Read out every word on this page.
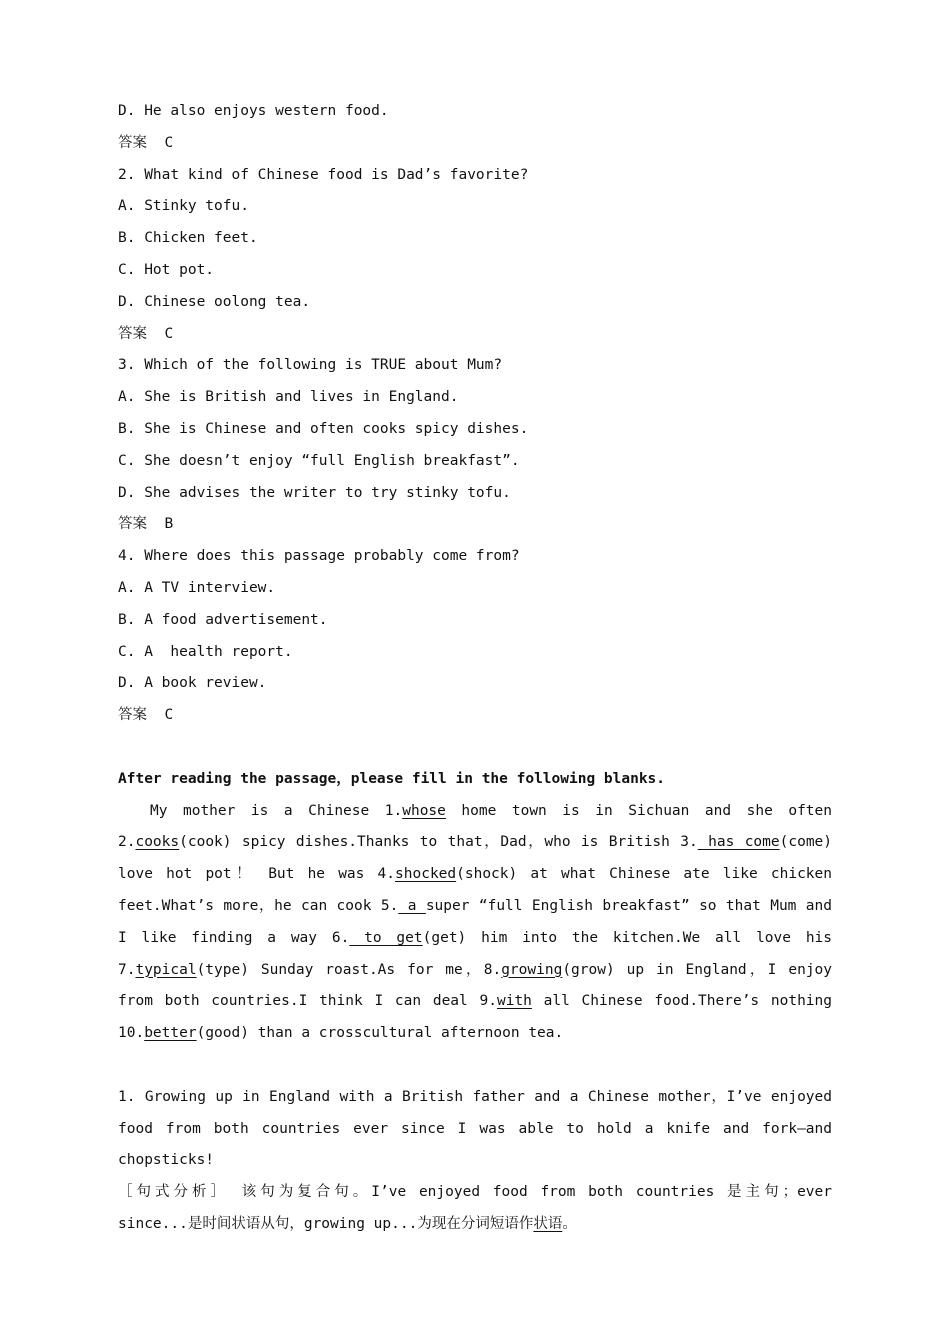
D. He also enjoys western food.
答案  C
2. What kind of Chinese food is Dad’s favorite?
A. Stinky tofu.
B. Chicken feet.
C. Hot pot.
D. Chinese oolong tea.
答案  C
3. Which of the following is TRUE about Mum?
A. She is British and lives in England.
B. She is Chinese and often cooks spicy dishes.
C. She doesn’t enjoy “full English breakfast”.
D. She advises the writer to try stinky tofu.
答案  B
4. Where does this passage probably come from?
A. A TV interview.
B. A food advertisement.
C. A  health report.
D. A book review.
答案  C
After reading the passage，please fill in the following blanks.
My mother is a Chinese 1.whose home town is in Sichuan and she often
2.cooks(cook) spicy dishes.Thanks to that，Dad，who is British 3. has come(come)
love hot pot！ But he was 4.shocked(shock) at what Chinese ate like chicken
feet.What’s more，he can cook 5. a super “full English breakfast” so that Mum and
I like finding a way 6. to get(get) him into the kitchen.We all love his
7.typical(type) Sunday roast.As for me，8.growing(grow) up in England，I enjoy
from both countries.I think I can deal 9.with all Chinese food.There’s nothing
10.better(good) than a crosscultural afternoon tea.
1. Growing up in England with a British father and a Chinese mother，I’ve enjoyed
food from both countries ever since I was able to hold a knife and fork—and
chopsticks!
［句式分析］ 该句为复合句。I’ve enjoyed food from both countries 是主句；ever
since...是时间状语从句，growing up...为现在分词短语作状语。
